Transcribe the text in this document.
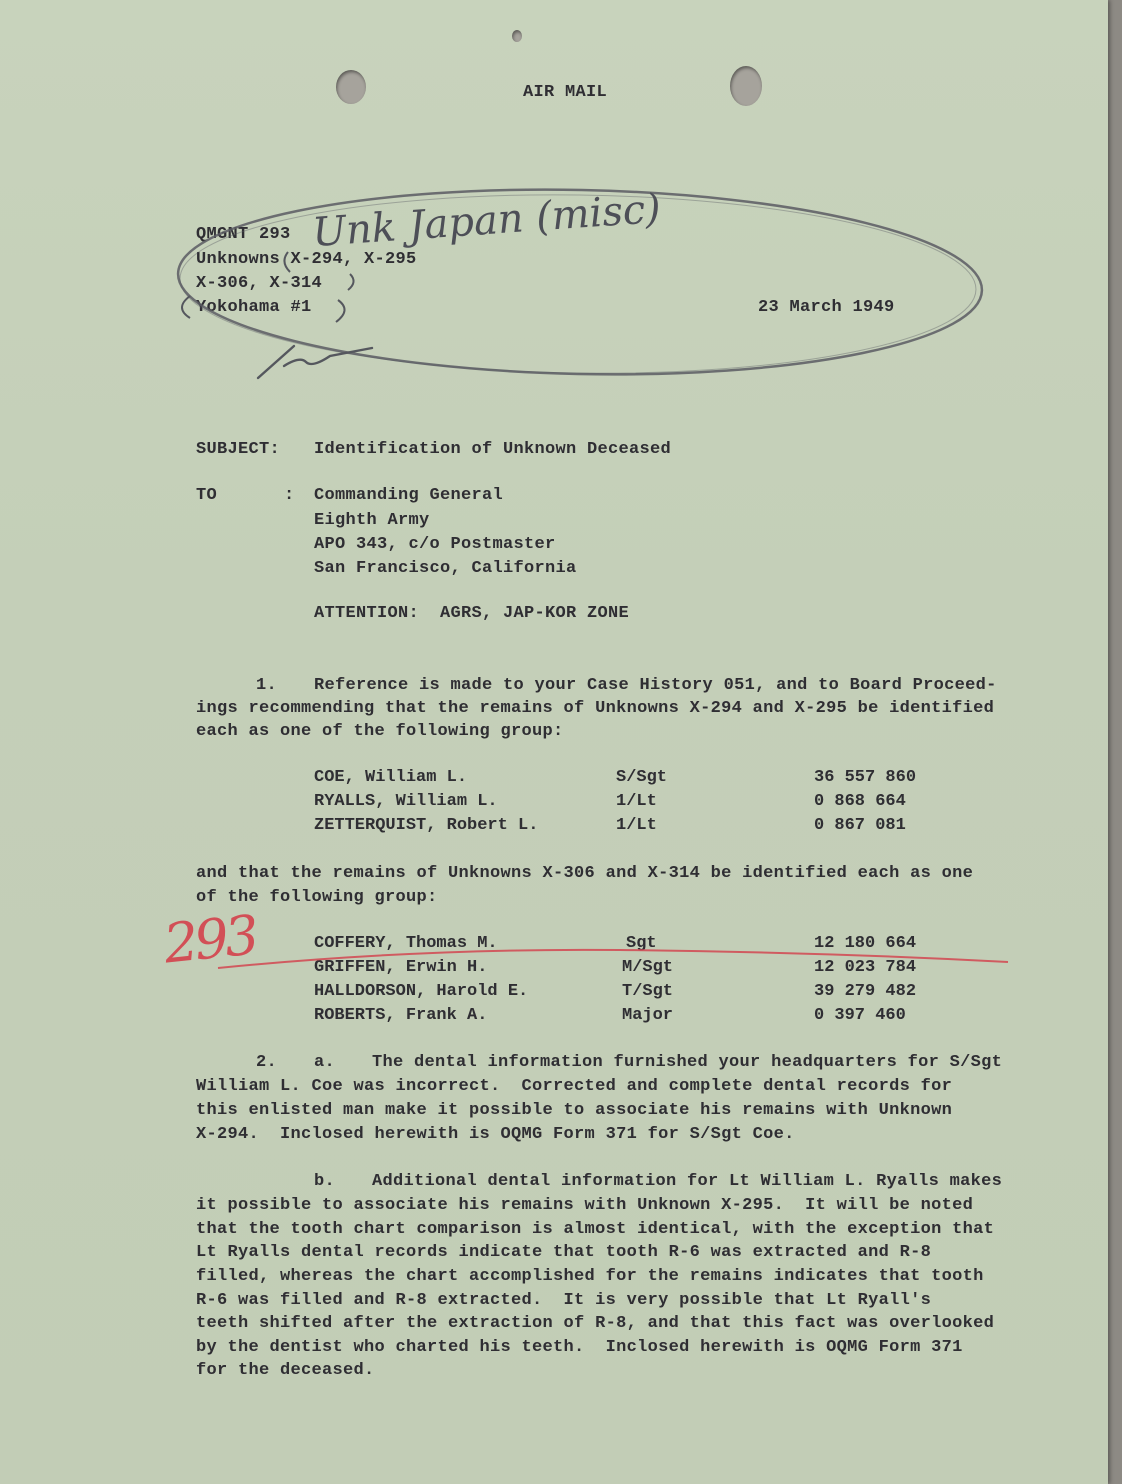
AIR MAIL
QMGNT 293
Unknowns X-294, X-295
X-306, X-314
Yokohama #1	23 March 1949
SUBJECT: Identification of Unknown Deceased
TO	: Commanding General
Eighth Army
APO 343, c/o Postmaster
San Francisco, California
ATTENTION:  AGRS, JAP-KOR ZONE
1. Reference is made to your Case History 051, and to Board Proceed-
ings recommending that the remains of Unknowns X-294 and X-295 be identified
each as one of the following group:
COE, William L.	S/Sgt	36 557 860
RYALLS, William L.	1/Lt	0 868 664
ZETTERQUIST, Robert L.	1/Lt	0 867 081
and that the remains of Unknowns X-306 and X-314 be identified each as one
of the following group:
COFFERY, Thomas M.	Sgt	12 180 664
GRIFFEN, Erwin H.	M/Sgt	12 023 784
HALLDORSON, Harold E.	T/Sgt	39 279 482
ROBERTS, Frank A.	Major	0 397 460
2. a. The dental information furnished your headquarters for S/Sgt
William L. Coe was incorrect.  Corrected and complete dental records for
this enlisted man make it possible to associate his remains with Unknown
X-294.  Inclosed herewith is OQMG Form 371 for S/Sgt Coe.
b. Additional dental information for Lt William L. Ryalls makes
it possible to associate his remains with Unknown X-295.  It will be noted
that the tooth chart comparison is almost identical, with the exception that
Lt Ryalls dental records indicate that tooth R-6 was extracted and R-8
filled, whereas the chart accomplished for the remains indicates that tooth
R-6 was filled and R-8 extracted.  It is very possible that Lt Ryall's
teeth shifted after the extraction of R-8, and that this fact was overlooked
by the dentist who charted his teeth.  Inclosed herewith is OQMG Form 371
for the deceased.
Unk Japan (misc)
293
